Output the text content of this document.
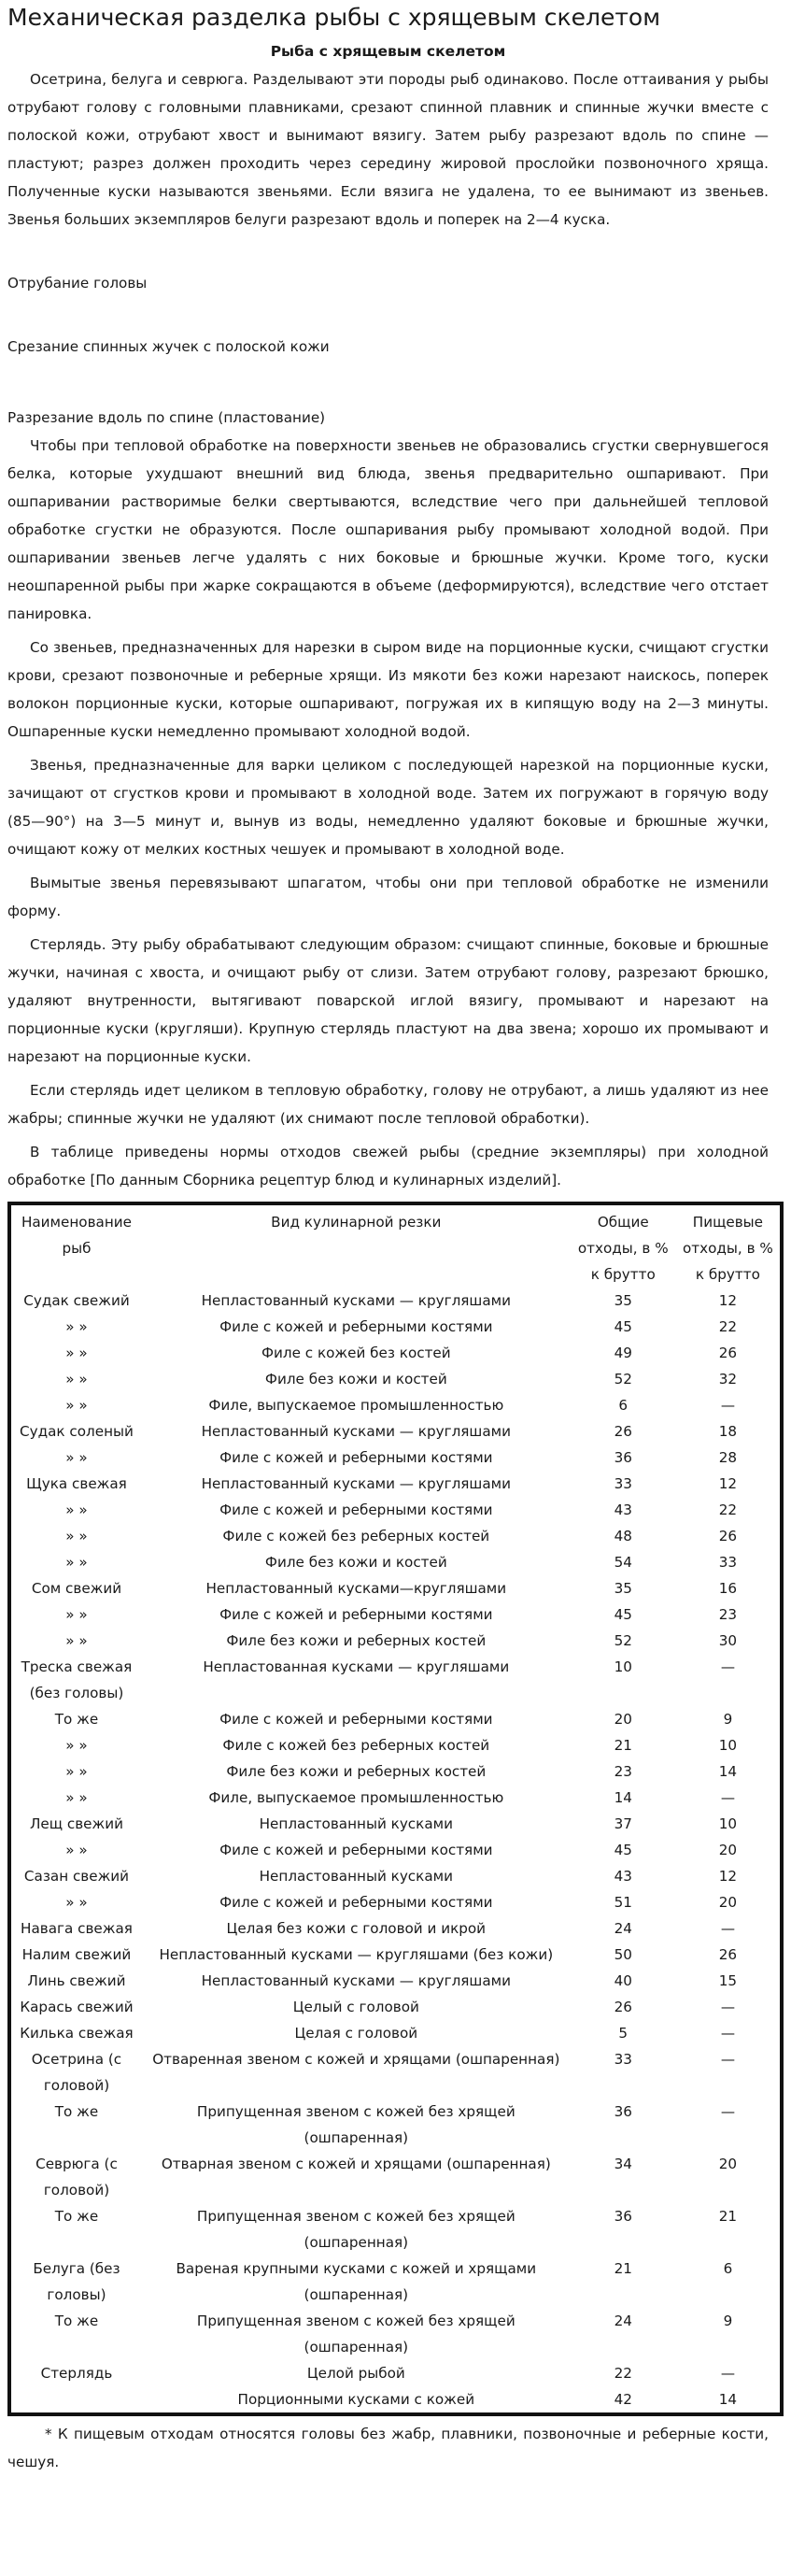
Механическая разделка рыбы с хрящевым скелетом
Рыба с хрящевым скелетом

Осетрина, белуга и севрюга. Разделывают эти породы рыб одинаково. После оттаивания у рыбы отрубают голову с головными плавниками, срезают спинной плавник и спинные жучки вместе с полоской кожи, отрубают хвост и вынимают вязигу. Затем рыбу разрезают вдоль по спине — пластуют; разрез должен проходить через середину жировой прослойки позвоночного хряща. Полученные куски называются звеньями. Если вязига не удалена, то ее вынимают из звеньев. Звенья больших экземпляров белуги разрезают вдоль и поперек на 2—4 куска.

Отрубание головы
Срезание спинных жучек с полоской кожи
Разрезание вдоль по спине (пластование)

Чтобы при тепловой обработке на поверхности звеньев не образовались сгустки свернувшегося белка, которые ухудшают внешний вид блюда, звенья предварительно ошпаривают. При ошпаривании растворимые белки свертываются, вследствие чего при дальнейшей тепловой обработке сгустки не образуются. После ошпаривания рыбу промывают холодной водой. При ошпаривании звеньев легче удалять с них боковые и брюшные жучки. Кроме того, куски неошпаренной рыбы при жарке сокращаются в объеме (деформируются), вследствие чего отстает панировка.

Со звеньев, предназначенных для нарезки в сыром виде на порционные куски, счищают сгустки крови, срезают позвоночные и реберные хрящи. Из мякоти без кожи нарезают наискось, поперек волокон порционные куски, которые ошпаривают, погружая их в кипящую воду на 2—3 минуты. Ошпаренные куски немедленно промывают холодной водой.

Звенья, предназначенные для варки целиком с последующей нарезкой на порционные куски, зачищают от сгустков крови и промывают в холодной воде. Затем их погружают в горячую воду (85—90°) на 3—5 минут и, вынув из воды, немедленно удаляют боковые и брюшные жучки, очищают кожу от мелких костных чешуек и промывают в холодной воде.

Вымытые звенья перевязывают шпагатом, чтобы они при тепловой обработке не изменили форму.

Стерлядь. Эту рыбу обрабатывают следующим образом: счищают спинные, боковые и брюшные жучки, начиная с хвоста, и очищают рыбу от слизи. Затем отрубают голову, разрезают брюшко, удаляют внутренности, вытягивают поварской иглой вязигу, промывают и нарезают на порционные куски (кругляши). Крупную стерлядь пластуют на два звена; хорошо их промывают и нарезают на порционные куски.

Если стерлядь идет целиком в тепловую обработку, голову не отрубают, а лишь удаляют из нее жабры; спинные жучки не удаляют (их снимают после тепловой обработки).

В таблице приведены нормы отходов свежей рыбы (средние экземпляры) при холодной обработке [По данным Сборника рецептур блюд и кулинарных изделий].

Наименование рыб	Вид кулинарной резки	Общие отходы, в % к брутто	Пищевые отходы, в % к брутто
Судак свежий	Непластованный кусками — кругляшами	35	12
» »	Филе с кожей и реберными костями	45	22
» »	Филе с кожей без костей	49	26
» »	Филе без кожи и костей	52	32
» »	Филе, выпускаемое промышленностью	6	—
Судак соленый	Непластованный кусками — кругляшами	26	18
» »	Филе с кожей и реберными костями	36	28
Щука свежая	Непластованный кусками — кругляшами	33	12
» »	Филе с кожей и реберными костями	43	22
» »	Филе с кожей без реберных костей	48	26
» »	Филе без кожи и костей	54	33
Сом свежий	Непластованный кусками—кругляшами	35	16
» »	Филе с кожей и реберными костями	45	23
» »	Филе без кожи и реберных костей	52	30
Треска свежая (без головы)	Непластованная кусками — кругляшами	10	—
То же	Филе с кожей и реберными костями	20	9
» »	Филе с кожей без реберных костей	21	10
» »	Филе без кожи и реберных костей	23	14
» »	Филе, выпускаемое промышленностью	14	—
Лещ свежий	Непластованный кусками	37	10
» »	Филе с кожей и реберными костями	45	20
Сазан свежий	Непластованный кусками	43	12
» »	Филе с кожей и реберными костями	51	20
Навага свежая	Целая без кожи с головой и икрой	24	—
Налим свежий	Непластованный кусками — кругляшами (без кожи)	50	26
Линь свежий	Непластованный кусками — кругляшами	40	15
Карась свежий	Целый с головой	26	—
Килька свежая	Целая с головой	5	—
Осетрина (с головой)	Отваренная звеном с кожей и хрящами (ошпаренная)	33	—
То же	Припущенная звеном с кожей без хрящей (ошпаренная)	36	—
Севрюга (с головой)	Отварная звеном с кожей и хрящами (ошпаренная)	34	20
То же	Припущенная звеном с кожей без хрящей (ошпаренная)	36	21
Белуга (без головы)	Вареная крупными кусками с кожей и хрящами (ошпаренная)	21	6
То же	Припущенная звеном с кожей без хрящей (ошпаренная)	24	9
Стерлядь	Целой рыбой	22	—
	Порционными кусками с кожей	42	14

* К пищевым отходам относятся головы без жабр, плавники, позвоночные и реберные кости, чешуя.
